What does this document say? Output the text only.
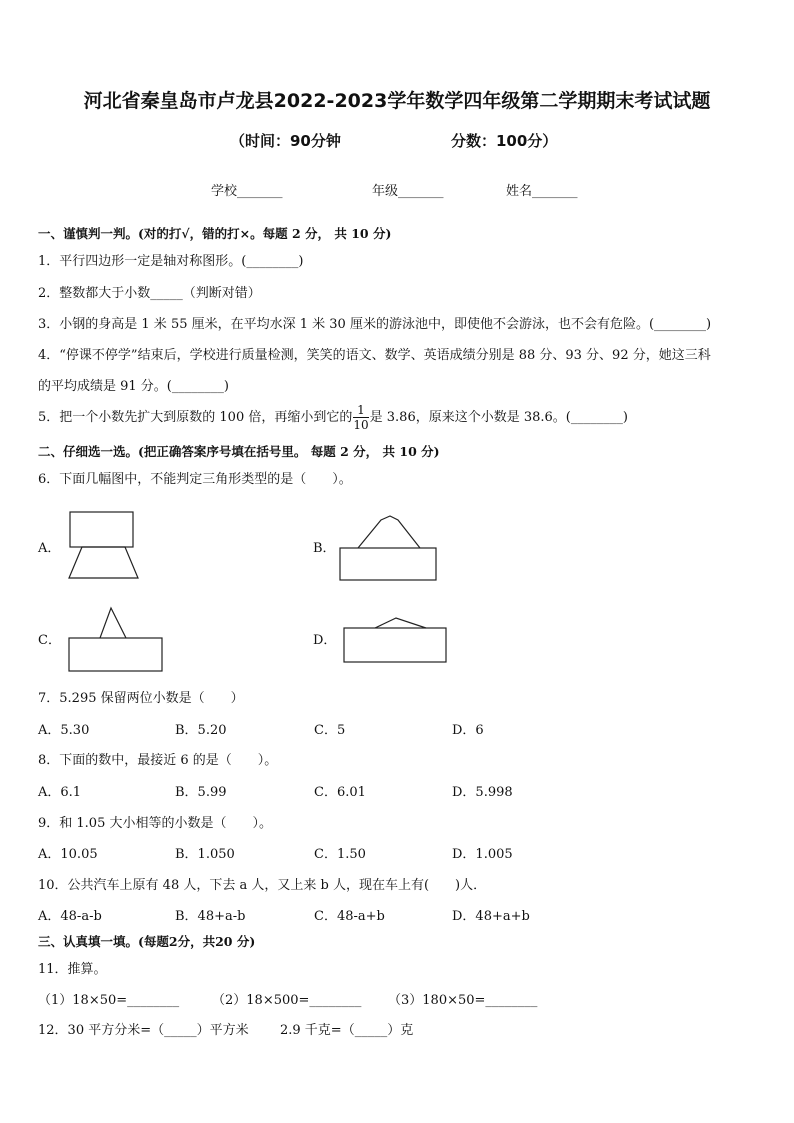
河北省秦皇岛市卢龙县2022-2023学年数学四年级第二学期期末考试试题
（时间：90分钟	分数：100分）
学校_______	年级_______	姓名_______
一、谨慎判一判。(对的打√，错的打×。每题 2 分， 共 10 分)
1．平行四边形一定是轴对称图形。(________)
2．整数都大于小数_____（判断对错）
3．小钢的身高是 1 米 55 厘米，在平均水深 1 米 30 厘米的游泳池中，即使他不会游泳，也不会有危险。(________)
4．“停课不停学”结束后，学校进行质量检测，笑笑的语文、数学、英语成绩分别是 88 分、93 分、92 分，她这三科
的平均成绩是 91 分。(________)
5．把一个小数先扩大到原数的 100 倍，再缩小到它的 $\frac{1}{10}$ 是 3.86，原来这个小数是 38.6。(________)
二、仔细选一选。(把正确答案序号填在括号里。 每题 2 分， 共 10 分)
6．下面几幅图中，不能判定三角形类型的是（　　）。
A．	B．
C．	D．
7．5.295 保留两位小数是（　　）
A．5.30	B．5.20	C．5	D．6
8．下面的数中，最接近 6 的是（　　）。
A．6.1	B．5.99	C．6.01	D．5.998
9．和 1.05 大小相等的小数是（　　）。
A．10.05	B．1.050	C．1.50	D．1.005
10．公共汽车上原有 48 人，下去 a 人，又上来 b 人，现在车上有(　　)人．
A．48-a-b	B．48+a-b	C．48-a+b	D．48+a+b
三、认真填一填。(每题2分，共20 分)
11．推算。
（1）18×50=________	（2）18×500=________ （3）180×50=________
12．30 平方分米=（_____）平方米 2.9 千克=（_____）克
